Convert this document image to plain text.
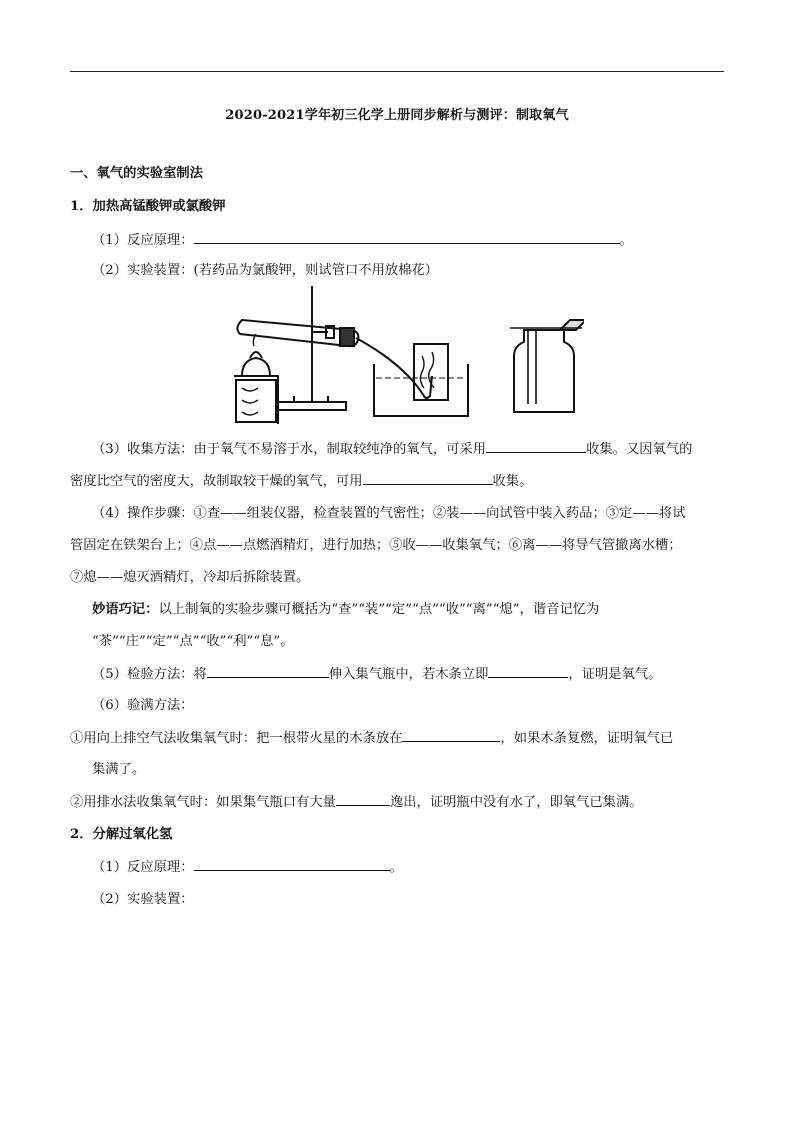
2020-2021学年初三化学上册同步解析与测评：制取氧气
一、氧气的实验室制法
1．加热高锰酸钾或氯酸钾
（1）反应原理：	。
（2）实验装置：(若药品为氯酸钾，则试管口不用放棉花）
（3）收集方法：由于氧气不易溶于水，制取较纯净的氧气，可采用	收集。又因氧气的
密度比空气的密度大，故制取较干燥的氧气，可用	收集。
（4）操作步骤：①查——组装仪器，检查装置的气密性；②装——向试管中装入药品；③定——将试
管固定在铁架台上；④点——点燃酒精灯，进行加热；⑤收——收集氧气；⑥离——将导气管撤离水槽；
⑦熄——熄灭酒精灯，冷却后拆除装置。
妙语巧记：以上制氧的实验步骤可概括为“查”“装”“定”“点”“收”“离”“熄”，谐音记忆为
“茶”“庄”“定”“点”“收”“利”“息”。
（5）检验方法：将	伸入集气瓶中，若木条立即	，证明是氧气。
（6）验满方法：
①用向上排空气法收集氧气时：把一根带火星的木条放在	，如果木条复燃，证明氧气已
集满了。
②用排水法收集氧气时：如果集气瓶口有大量	逸出，证明瓶中没有水了，即氧气已集满。
2．分解过氧化氢
（1）反应原理：	。
（2）实验装置：
